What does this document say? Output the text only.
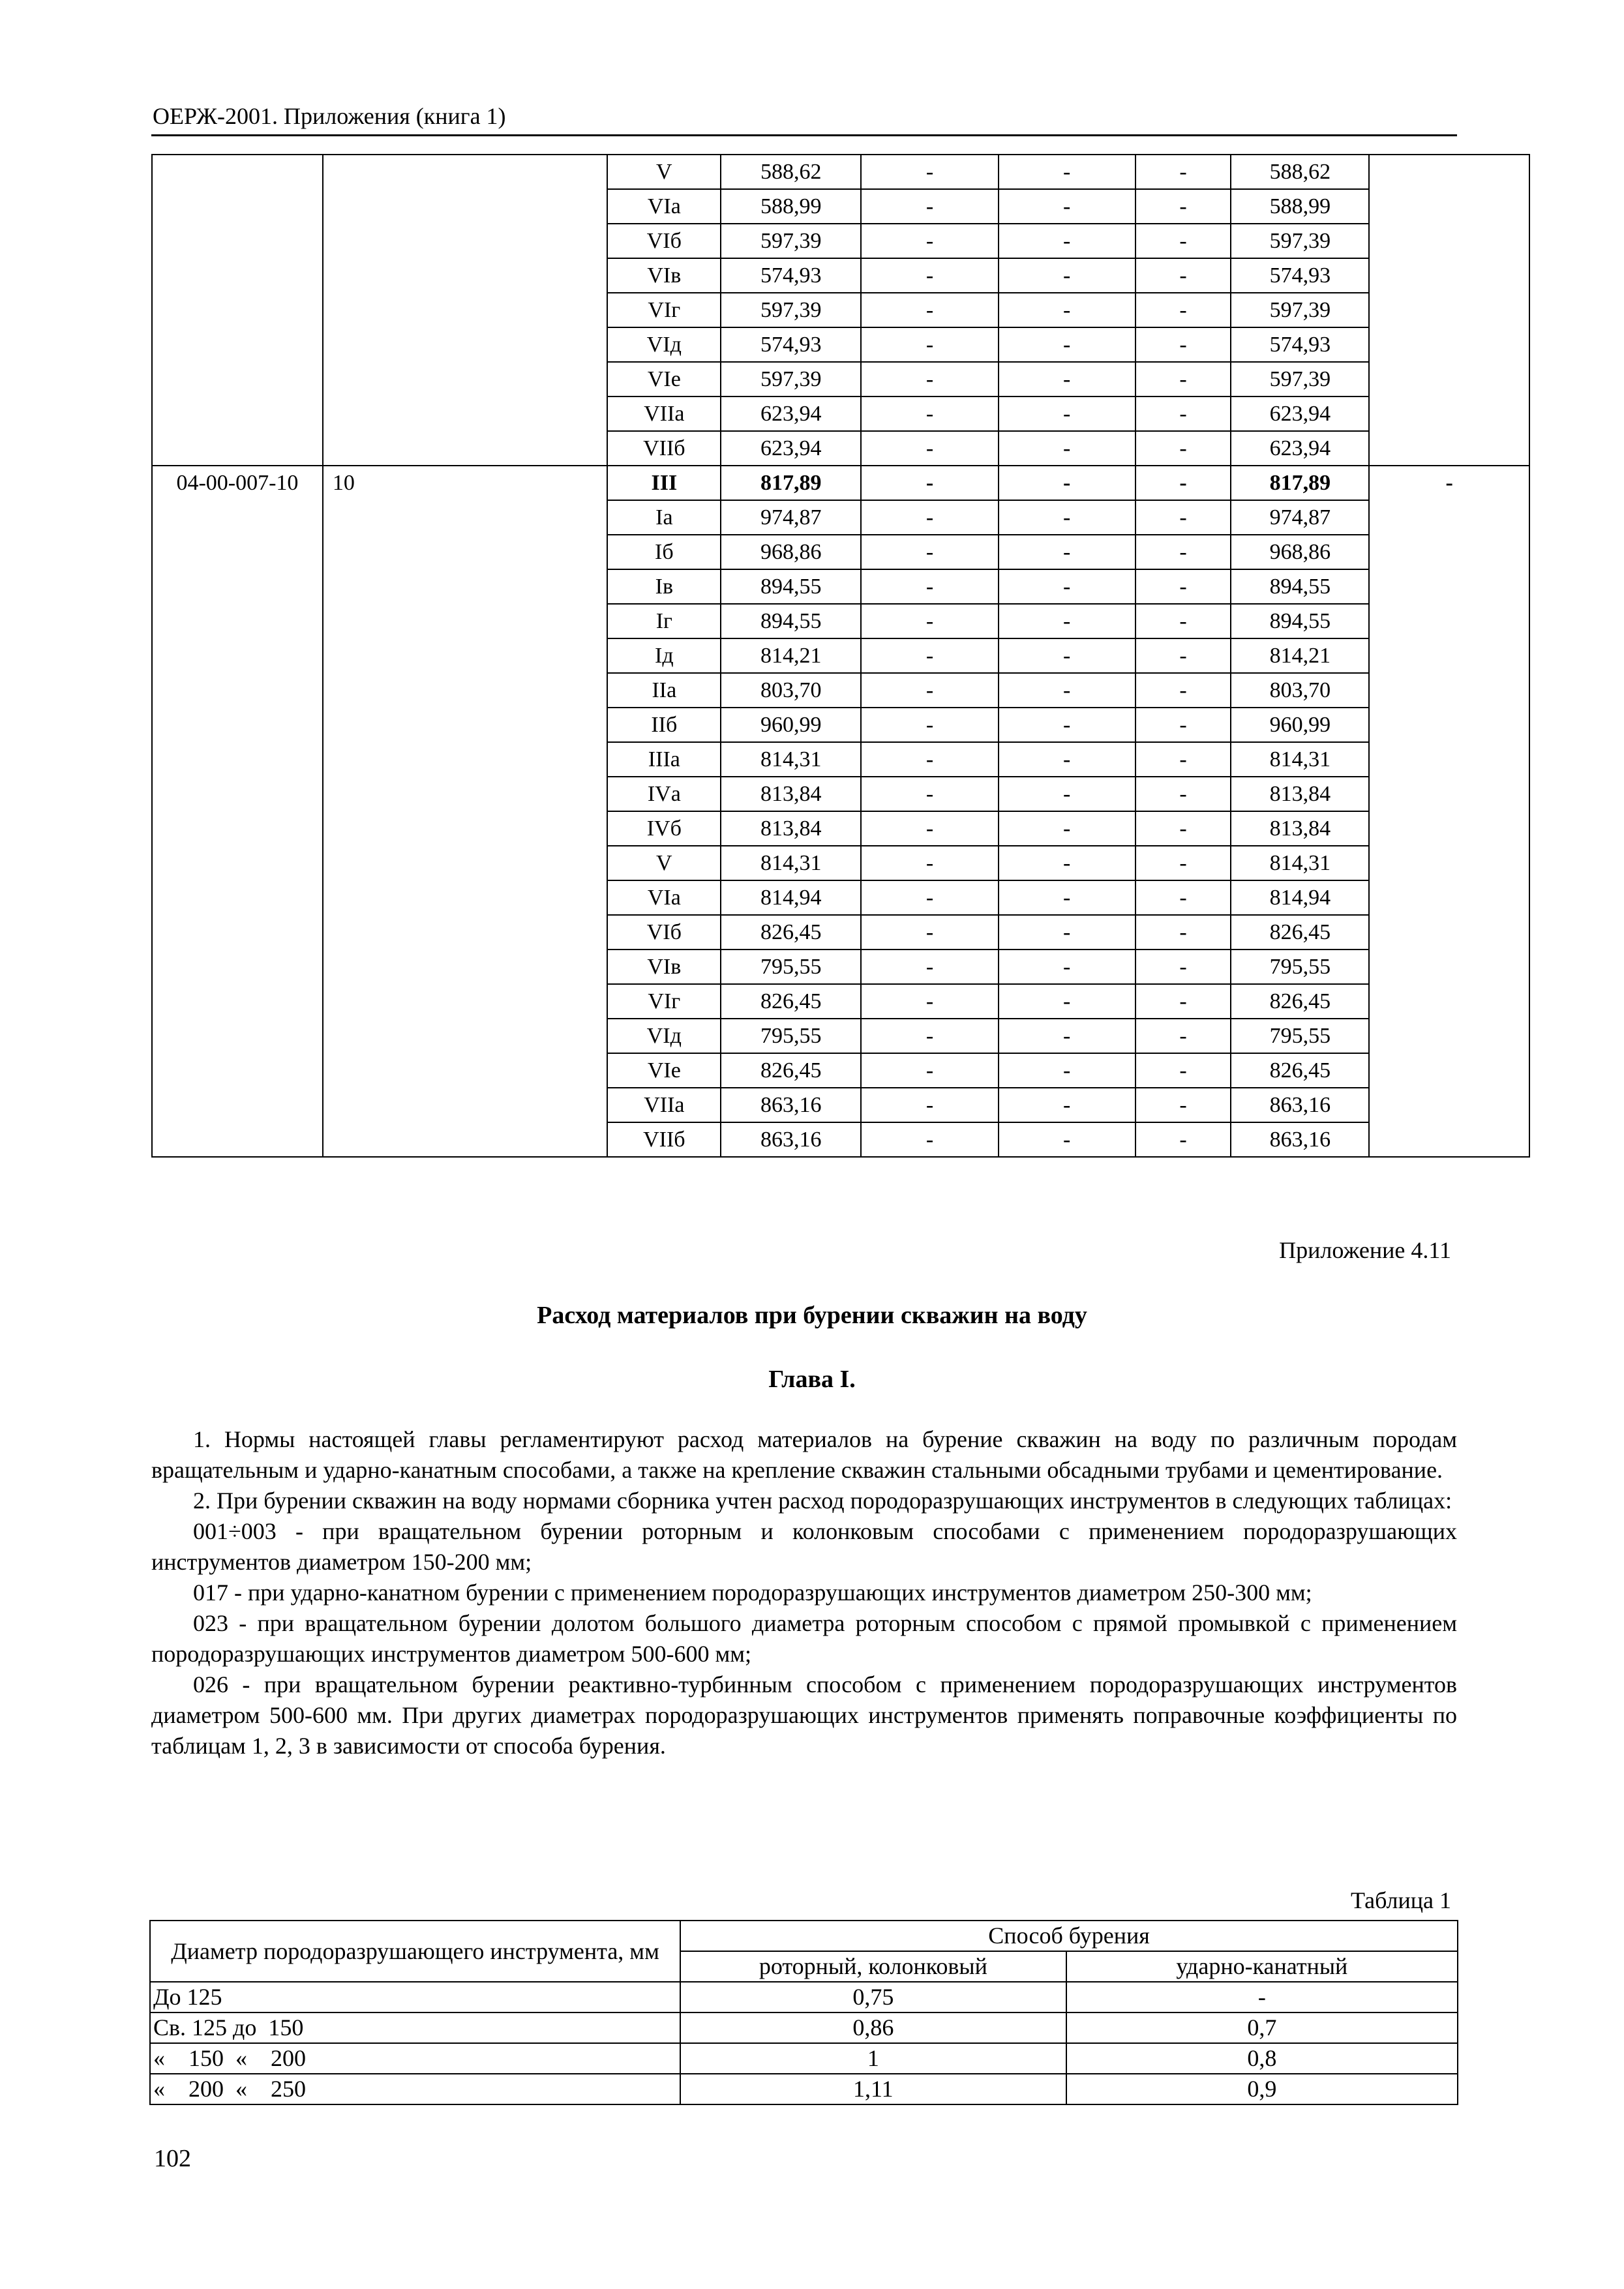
ОЕРЖ-2001. Приложения (книга 1)
		V	588,62	-	-	-	588,62	
		VIа	588,99	-	-	-	588,99	
		VIб	597,39	-	-	-	597,39	
		VIв	574,93	-	-	-	574,93	
		VIг	597,39	-	-	-	597,39	
		VIд	574,93	-	-	-	574,93	
		VIе	597,39	-	-	-	597,39	
		VIIа	623,94	-	-	-	623,94	
		VIIб	623,94	-	-	-	623,94	
04-00-007-10	10	III	817,89	-	-	-	817,89	-
		Iа	974,87	-	-	-	974,87	
		Iб	968,86	-	-	-	968,86	
		Iв	894,55	-	-	-	894,55	
		Iг	894,55	-	-	-	894,55	
		Iд	814,21	-	-	-	814,21	
		IIа	803,70	-	-	-	803,70	
		IIб	960,99	-	-	-	960,99	
		IIIа	814,31	-	-	-	814,31	
		IVа	813,84	-	-	-	813,84	
		IVб	813,84	-	-	-	813,84	
		V	814,31	-	-	-	814,31	
		VIа	814,94	-	-	-	814,94	
		VIб	826,45	-	-	-	826,45	
		VIв	795,55	-	-	-	795,55	
		VIг	826,45	-	-	-	826,45	
		VIд	795,55	-	-	-	795,55	
		VIе	826,45	-	-	-	826,45	
		VIIа	863,16	-	-	-	863,16	
		VIIб	863,16	-	-	-	863,16	
Приложение 4.11
Расход материалов при бурении скважин на воду
Глава I.

1. Нормы настоящей главы регламентируют расход материалов на бурение скважин на воду по различным породам вращательным и ударно-канатным способами, а также на крепление скважин стальными обсадными трубами и цементирование.

2. При бурении скважин на воду нормами сборника учтен расход породоразрушающих инструментов в следующих таблицах:

001÷003 - при вращательном бурении роторным и колонковым способами с применением породоразрушающих инструментов диаметром 150-200 мм;

017 - при ударно-канатном бурении с применением породоразрушающих инструментов диаметром 250-300 мм;

023 - при вращательном бурении долотом большого диаметра роторным способом с прямой промывкой с применением породоразрушающих инструментов диаметром 500-600 мм;

026 - при вращательном бурении реактивно-турбинным способом с применением породоразрушающих инструментов диаметром 500-600 мм. При других диаметрах породоразрушающих инструментов применять поправочные коэффициенты по таблицам 1, 2, 3 в зависимости от способа бурения.

Таблица 1
Диаметр породоразрушающего инструмента, мм	Способ бурения	
	роторный, колонковый	ударно-канатный
До 125	0,75	-
Св. 125 до  150	0,86	0,7
«    150  «    200	1	0,8
«    200  «    250	1,11	0,9
102
